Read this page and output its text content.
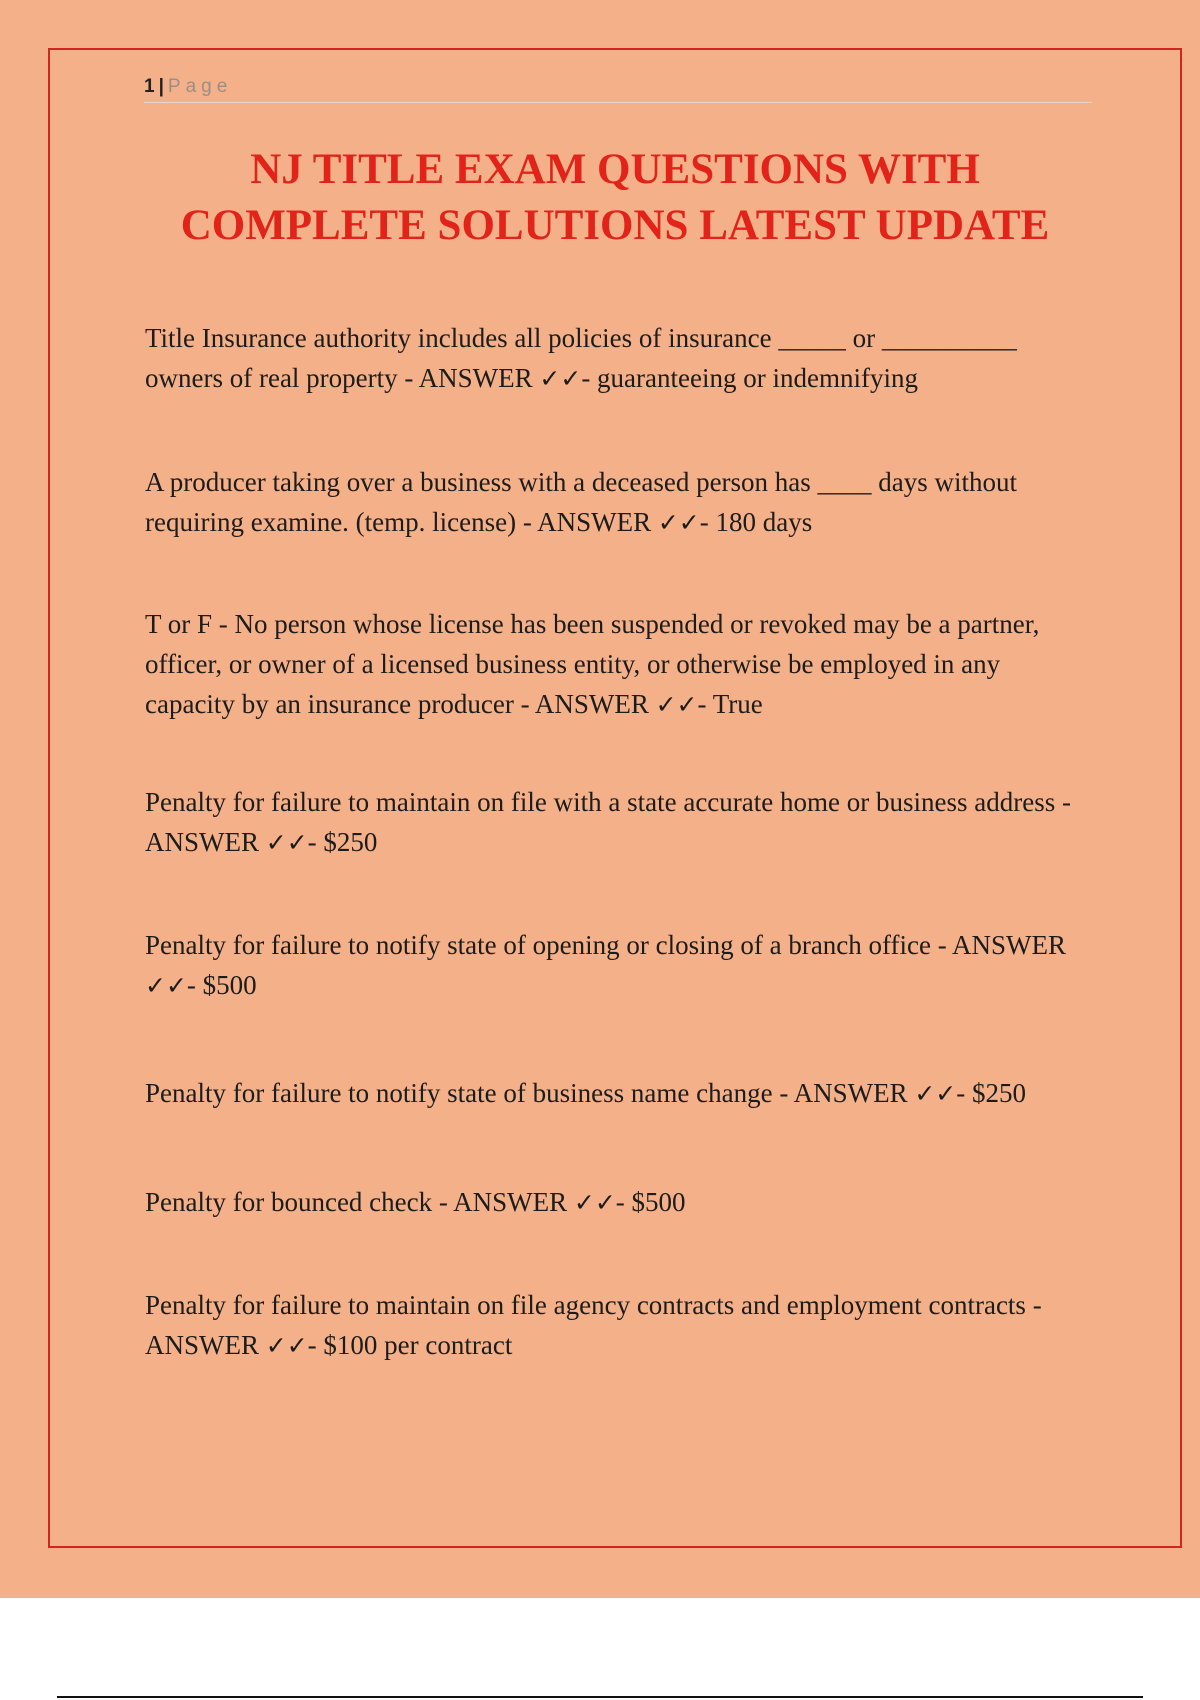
1 | Page
NJ TITLE EXAM QUESTIONS WITH
COMPLETE SOLUTIONS LATEST UPDATE

Title Insurance authority includes all policies of insurance _____ or __________ owners of real property - ANSWER ✓✓- guaranteeing or indemnifying

A producer taking over a business with a deceased person has ____ days without requiring examine. (temp. license) - ANSWER ✓✓- 180 days

T or F - No person whose license has been suspended or revoked may be a partner, officer, or owner of a licensed business entity, or otherwise be employed in any capacity by an insurance producer - ANSWER ✓✓- True

Penalty for failure to maintain on file with a state accurate home or business address - ANSWER ✓✓- $250

Penalty for failure to notify state of opening or closing of a branch office - ANSWER ✓✓- $500

Penalty for failure to notify state of business name change - ANSWER ✓✓- $250

Penalty for bounced check - ANSWER ✓✓- $500

Penalty for failure to maintain on file agency contracts and employment contracts - ANSWER ✓✓- $100 per contract
